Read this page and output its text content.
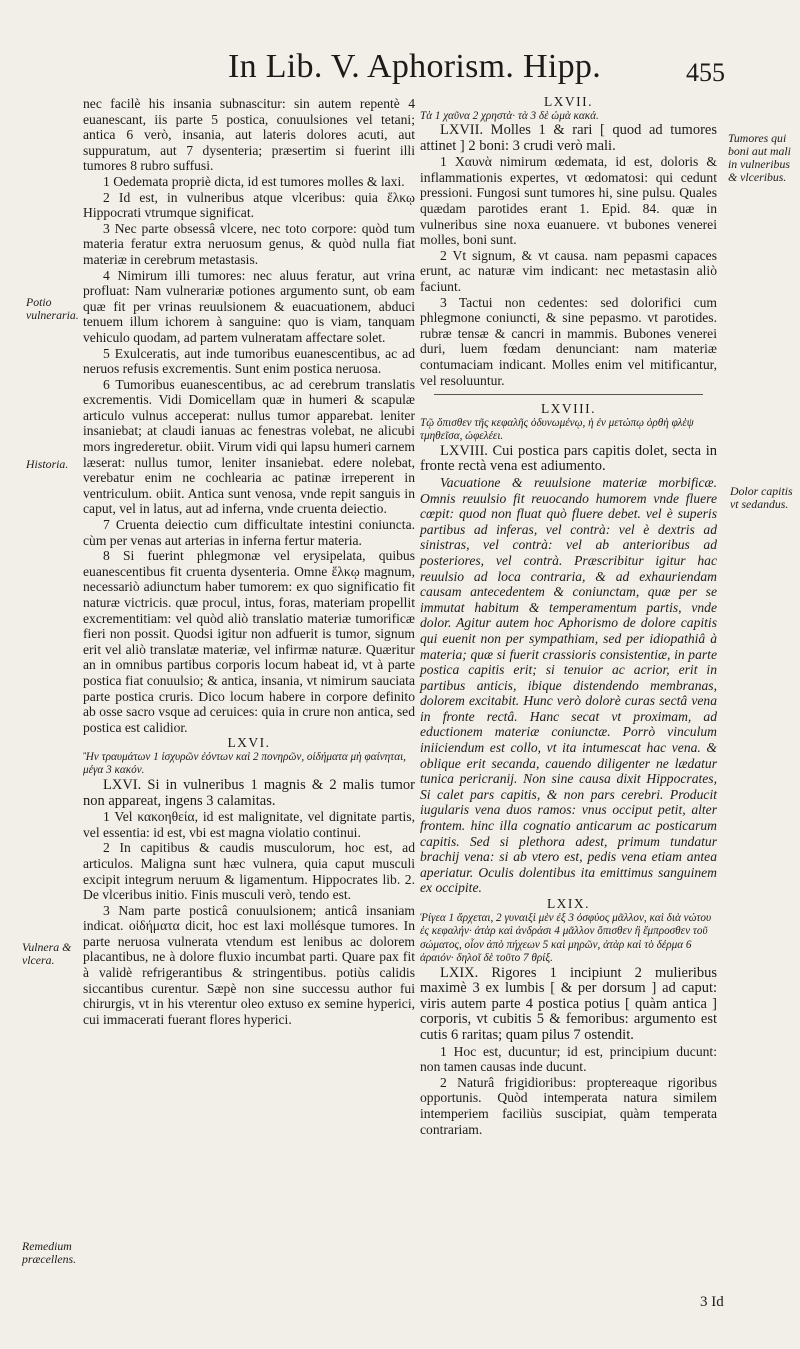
In Lib. V. Aphorism. Hipp.	455

nec facilè his insania subnascitur: sin autem repentè 4 euanescant, iis parte 5 postica, conuulsiones vel tetani; antica 6 verò, insania, aut lateris dolores acuti, aut suppuratum, aut 7 dysenteria; præsertim si fuerint illi tumores 8 rubro suffusi.

1 Oedemata propriè dicta, id est tumores molles & laxi.

2 Id est, in vulneribus atque vlceribus: quia ἕλκῳ Hippocrati vtrumque significat.

3 Nec parte obsessâ vlcere, nec toto corpore: quòd tum materia feratur extra neruosum genus, & quòd nulla fiat materiæ in cerebrum metastasis.

4 Nimirum illi tumores: nec aluus feratur, aut vrina profluat: Nam vulnerariæ potiones argumento sunt, ob eam quæ fit per vrinas reuulsionem & euacuationem, abduci tenuem illum ichorem à sanguine: quo is viam, tanquam vehiculo quodam, ad partem vulneratam affectare solet.

5 Exulceratis, aut inde tumoribus euanescentibus, ac ad neruos refusis excrementis. Sunt enim postica neruosa.

6 Tumoribus euanescentibus, ac ad cerebrum translatis excrementis. Vidi Domicellam quæ in humeri & scapulæ articulo vulnus acceperat: nullus tumor apparebat. leniter insaniebat; at claudi ianuas ac fenestras volebat, ne alicubi mors ingrederetur. obiit. Virum vidi qui lapsu humeri carnem læserat: nullus tumor, leniter insaniebat. edere nolebat, verebatur enim ne cochlearia ac patinæ irreperent in ventriculum. obiit. Antica sunt venosa, vnde repit sanguis in caput, vel in latus, aut ad inferna, vnde cruenta deiectio.

7 Cruenta deiectio cum difficultate intestini coniuncta. cùm per venas aut arterias in inferna fertur materia.

8 Si fuerint phlegmonæ vel erysipelata, quibus euanescentibus fit cruenta dysenteria. Omne ἕλκῳ magnum, necessariò adiunctum haber tumorem: ex quo significatio fit naturæ victricis. quæ procul, intus, foras, materiam propellit excrementitiam: vel quòd aliò translatio materiæ tumorificæ fieri non possit. Quodsi igitur non adfuerit is tumor, signum erit vel aliò translatæ materiæ, vel infirmæ naturæ. Quæritur an in omnibus partibus corporis locum habeat id, vt à parte postica fiat conuulsio; & antica, insania, vt nimirum sauciata parte postica cruris. Dico locum habere in corpore definito ab osse sacro vsque ad ceruices: quia in crure non antica, sed postica est calidior.

LXVI.

Ἢν τραυμάτων 1 ἰσχυρῶν ἐόντων καὶ 2 πονηρῶν, οἰδήματα μὴ φαίνηται, μέγα 3 κακόν.

LXVI. Si in vulneribus 1 magnis & 2 malis tumor non appareat, ingens 3 calamitas.

1 Vel κακοηθεία, id est malignitate, vel dignitate partis, vel essentia: id est, vbi est magna violatio continui.

2 In capitibus & caudis musculorum, hoc est, ad articulos. Maligna sunt hæc vulnera, quia caput musculi excipit integrum neruum & ligamentum. Hippocrates lib. 2. De vlceribus initio. Finis musculi verò, tendo est.

3 Nam parte posticâ conuulsionem; anticâ insaniam indicat. οἰδήματα dicit, hoc est laxi mollésque tumores. In parte neruosa vulnerata vtendum est lenibus ac dolorem placantibus, ne à dolore fluxio incumbat parti. Quare pax fit à validè refrigerantibus & stringentibus. potiùs calidis siccantibus curentur. Sæpè non sine successu author fui chirurgis, vt in his vterentur oleo extuso ex semine hyperici, cui immacerati fuerant flores hyperici.

LXVII.

Τὰ 1 χαῦνα 2 χρηστὰ· τὰ 3 δὲ ὠμὰ κακά.

LXVII. Molles 1 & rari [ quod ad tumores attinet ] 2 boni: 3 crudi verò mali.

1 Χαυνὰ nimirum œdemata, id est, doloris & inflammationis expertes, vt œdomatosi: qui cedunt pressioni. Fungosi sunt tumores hi, sine pulsu. Quales quædam parotides erant 1. Epid. 84. quæ in vulneribus sine noxa euanuere. vt bubones venerei molles, boni sunt.

2 Vt signum, & vt causa. nam pepasmi capaces erunt, ac naturæ vim indicant: nec metastasin aliò faciunt.

3 Tactui non cedentes: sed dolorifici cum phlegmone coniuncti, & sine pepasmo. vt parotides. rubræ tensæ & cancri in mammis. Bubones venerei duri, luem fœdam denunciant: nam materiæ contumaciam indicant. Molles enim vel mitificantur, vel resoluuntur.

LXVIII.

Τῷ ὄπισθεν τῆς κεφαλῆς ὀδυνωμένῳ, ἡ ἐν μετώπῳ ὀρθὴ φλὲψ τμηθεῖσα, ὠφελέει.

LXVIII. Cui postica pars capitis dolet, secta in fronte rectà vena est adiumento.

Vacuatione & reuulsione materiæ morbificæ. Omnis reuulsio fit reuocando humorem vnde fluere cœpit: quod non fluat quò fluere debet. vel è superis partibus ad inferas, vel contrà: vel è dextris ad sinistras, vel contrà: vel ab anterioribus ad posteriores, vel contrà. Præscribitur igitur hac reuulsio ad loca contraria, & ad exhauriendam causam antecedentem & coniunctam, quæ per se immutat habitum & temperamentum partis, vnde dolor. Agitur autem hoc Aphorismo de dolore capitis qui euenit non per sympathiam, sed per idiopathiâ à materia; quæ si fuerit crassioris consistentiæ, in parte postica capitis erit; si tenuior ac acrior, erit in partibus anticis, ibique distendendo membranas, dolorem excitabit. Hunc verò dolorè curas sectâ vena in fronte rectâ. Hanc secat vt proximam, ad eductionem materiæ coniunctæ. Porrò vinculum iniiciendum est collo, vt ita intumescat hac vena. & oblique erit secanda, cauendo diligenter ne lædatur tunica pericranij. Non sine causa dixit Hippocrates, Si calet pars capitis, & non pars cerebri. Producit iugularis vena duos ramos: vnus occiput petit, alter frontem. hinc illa cognatio anticarum ac posticarum capitis. Sed si plethora adest, primum tundatur brachij vena: si ab vtero est, pedis vena etiam antea aperiatur. Oculis dolentibus ita emittimus sanguinem ex occipite.

LXIX.

Ῥίγεα 1 ἄρχεται, 2 γυναιξὶ μὲν ἐξ 3 ὀσφύος μᾶλλον, καὶ διὰ νώτου ἐς κεφαλήν· ἀτὰρ καὶ ἀνδράσι 4 μᾶλλον ὄπισθεν ἢ ἔμπροσθεν τοῦ σώματος, οἷον ἀπὸ πήχεων 5 καὶ μηρῶν, ἀτὰρ καὶ τὸ δέρμα 6 ἀραιόν· δηλοῖ δὲ τοῦτο 7 θρίξ.

LXIX. Rigores 1 incipiunt 2 mulieribus maximè 3 ex lumbis [ & per dorsum ] ad caput: viris autem parte 4 postica potius [ quàm antica ] corporis, vt cubitis 5 & femoribus: argumento est cutis 6 raritas; quam pilus 7 ostendit.

1 Hoc est, ducuntur; id est, principium ducunt: non tamen causas inde ducunt.

2 Naturâ frigidioribus: proptereaque rigoribus opportunis. Quòd intemperata natura similem intemperiem faciliùs suscipiat, quàm temperata contrariam.

Tumores qui boni aut mali in vulneribus & vlceribus.
Potio vulneraria.
Historia.
Dolor capitis vt sedandus.
Vulnera & vlcera.
Remedium præcellens.
3 Id
